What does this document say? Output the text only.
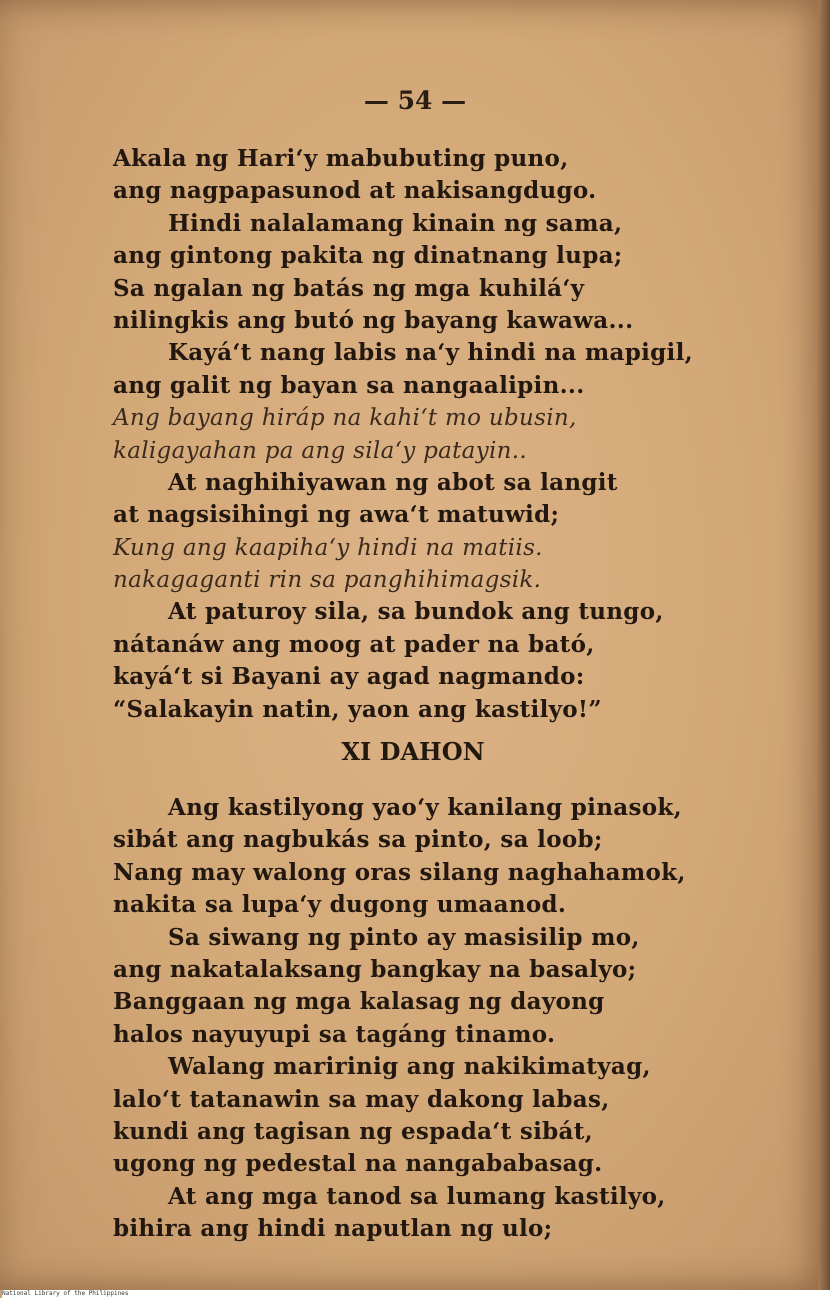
— 54 —
Akala ng Hari‘y mabubuting puno,
ang nagpapasunod at nakisangdugo.
Hindi nalalamang kinain ng sama,
ang gintong pakita ng dinatnang lupa;
Sa ngalan ng batás ng mga kuhilá‘y
nilingkis ang butó ng bayang kawawa...
Kayá‘t nang labis na‘y hindi na mapigil,
ang galit ng bayan sa nangaalipin...
Ang bayang hiráp na kahi‘t mo ubusin,
kaligayahan pa ang sila‘y patayin..
At naghihiyawan ng abot sa langit
at nagsisihingi ng awa‘t matuwid;
Kung ang kaapiha‘y hindi na matiis.
nakagaganti rin sa panghihimagsik.
At paturoy sila, sa bundok ang tungo,
nátanáw ang moog at pader na bató,
kayá‘t si Bayani ay agad nagmando:
“Salakayin natin, yaon ang kastilyo!”
XI DAHON
Ang kastilyong yao‘y kanilang pinasok,
sibát ang nagbukás sa pinto, sa loob;
Nang may walong oras silang naghahamok,
nakita sa lupa‘y dugong umaanod.
Sa siwang ng pinto ay masisilip mo,
ang nakatalaksang bangkay na basalyo;
Banggaan ng mga kalasag ng dayong
halos nayuyupi sa tagáng tinamo.
Walang maririnig ang nakikimatyag,
lalo‘t tatanawin sa may dakong labas,
kundi ang tagisan ng espada‘t sibát,
ugong ng pedestal na nangababasag.
At ang mga tanod sa lumang kastilyo,
bihira ang hindi naputlan ng ulo;
National Library of the Philippines
